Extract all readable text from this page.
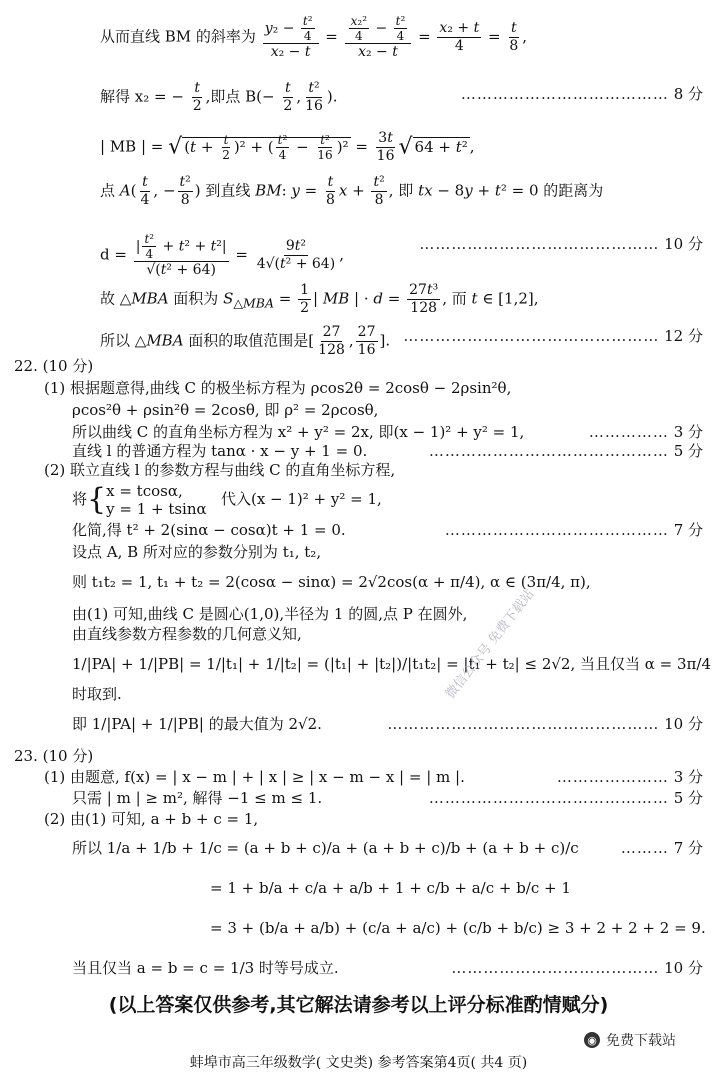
从而直线 BM 的斜率为 $\frac{y_2 - \frac{\text{t²}}{4}}{\text{x₂ − t}} = \frac{\frac{\text{x₂²}}{4} - \frac{\text{t²}}{4}}{\text{x₂ − t}} = \frac{\text{x₂ + t}}{4} = \frac{t}{8}$ ,
解得 x₂ = − $\frac{t}{2}$ ,即点 $B(- \frac{t}{2}$ , $\frac{\text{t²}}{16}$ ).	………………………………… 8 分
| MB | = √ $(t + \frac{t}{2} )^2$ + ( $\frac{\text{t²}}{4} - \frac{\text{t²}}{16} )^2 = \frac{3t}{16}$ √ 64 + t² ,
点 $A( \frac{t}{4}$ , − $\frac{\text{t²}}{8}$ ) 到直线 BM: $y = \frac{t}{8}$ $x + \frac{\text{t²}}{8}$ , 即 tx − 8y + t² = 0 的距离为
$d = \frac{| \frac{\text{t²}}{4} + t^2 + t^2|}{\text{√(t² + 64)}} = \frac{\text{9t²}}{\text{4√(t² + 64)}}$ ,
……………………………………… 10 分
故 △MBA 面积为 $S_{\triangle MBA} = \frac{1}{2}$ | MB | · $d = \frac{\text{27t³}}{128}$ , 而 t ∈ [1,2],
所以 △MBA 面积的取值范围是[ $\frac{27}{128}$ , $\frac{27}{16}$ ]. ………………………………………… 12 分
22. (10 分)
(1) 根据题意得,曲线 C 的极坐标方程为 ρcos2θ = 2cosθ − 2ρsin²θ,
ρcos²θ + ρsin²θ = 2cosθ, 即 ρ² = 2ρcosθ,
所以曲线 C 的直角坐标方程为 x² + y² = 2x, 即(x − 1)² + y² = 1,	…………… 3 分
直线 l 的普通方程为 tanα · x − y + 1 = 0.	……………………………………… 5 分
(2) 联立直线 l 的参数方程与曲线 C 的直角坐标方程,
将{ x = tcosα,
y = 1 + tsinα
代入(x − 1)² + y² = 1,
化简,得 t² + 2(sinα − cosα)t + 1 = 0.	…………………………………… 7 分
设点 A, B 所对应的参数分别为 t₁, t₂,
则 t₁t₂ = 1, t₁ + t₂ = 2(cosα − sinα) = 2√2cos(α + π/4), α ∈ (3π/4, π),
由(1) 可知,曲线 C 是圆心(1,0),半径为 1 的圆,点 P 在圆外,
由直线参数方程参数的几何意义知,
1/|PA| + 1/|PB| = 1/|t₁| + 1/|t₂| = (|t₁| + |t₂|)/|t₁t₂| = |t₁ + t₂| ≤ 2√2, 当且仅当 α = 3π/4
时取到.
即 1/|PA| + 1/|PB| 的最大值为 2√2.	…………………………………………… 10 分
23. (10 分)
(1) 由题意, f(x) = | x − m | + | x | ≥ | x − m − x | = | m |.	………………… 3 分
只需 | m | ≥ m², 解得 −1 ≤ m ≤ 1.	……………………………………… 5 分
(2) 由(1) 可知, a + b + c = 1,
所以 1/a + 1/b + 1/c = (a + b + c)/a + (a + b + c)/b + (a + b + c)/c	……… 7 分
= 1 + b/a + c/a + a/b + 1 + c/b + a/c + b/c + 1
= 3 + (b/a + a/b) + (c/a + a/c) + (c/b + b/c) ≥ 3 + 2 + 2 + 2 = 9.
当且仅当 a = b = c = 1/3 时等号成立.	………………………………… 10 分
(以上答案仅供参考,其它解法请参考以上评分标准酌情赋分)
◉ 免费下载站
蚌埠市高三年级数学( 文史类) 参考答案第4页( 共4 页)
微信公众号 免费下载站
